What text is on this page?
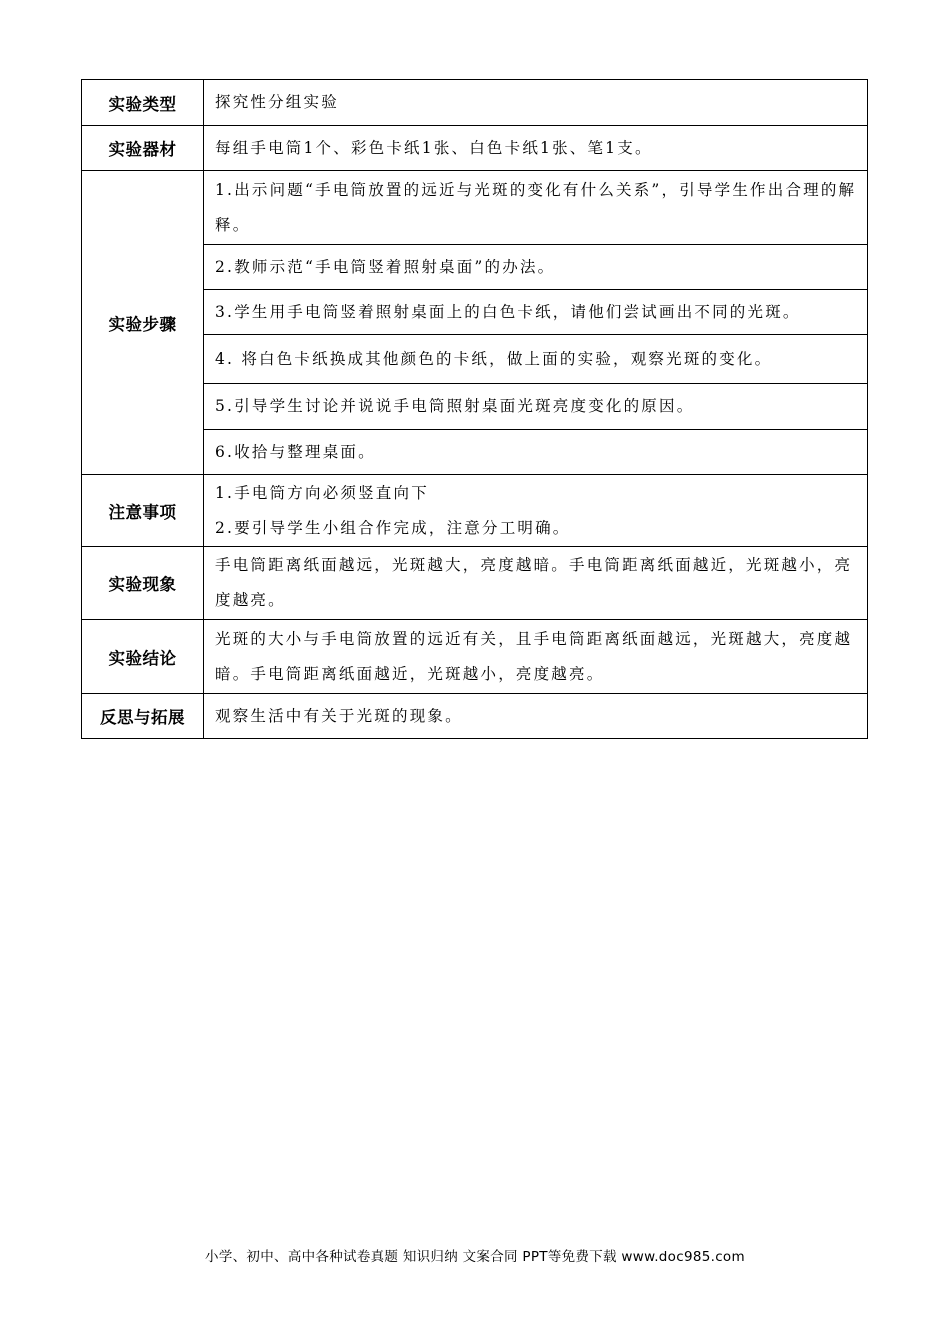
实验类型	探究性分组实验
实验器材	每组手电筒1个、彩色卡纸1张、白色卡纸1张、笔1支。
实验步骤	1.出示问题“手电筒放置的远近与光斑的变化有什么关系”，引导学生作出合理的解释。
	2.教师示范“手电筒竖着照射桌面”的办法。
	3.学生用手电筒竖着照射桌面上的白色卡纸，请他们尝试画出不同的光斑。
	4. 将白色卡纸换成其他颜色的卡纸，做上面的实验，观察光斑的变化。
	5.引导学生讨论并说说手电筒照射桌面光斑亮度变化的原因。
	6.收拾与整理桌面。
注意事项	1.手电筒方向必须竖直向下
2.要引导学生小组合作完成，注意分工明确。

实验现象	手电筒距离纸面越远，光斑越大，亮度越暗。手电筒距离纸面越近，光斑越小，亮度越亮。
实验结论	光斑的大小与手电筒放置的远近有关，且手电筒距离纸面越远，光斑越大，亮度越暗。手电筒距离纸面越近，光斑越小，亮度越亮。
反思与拓展	观察生活中有关于光斑的现象。
小学、初中、高中各种试卷真题 知识归纳 文案合同 PPT等免费下载 www.doc985.com
